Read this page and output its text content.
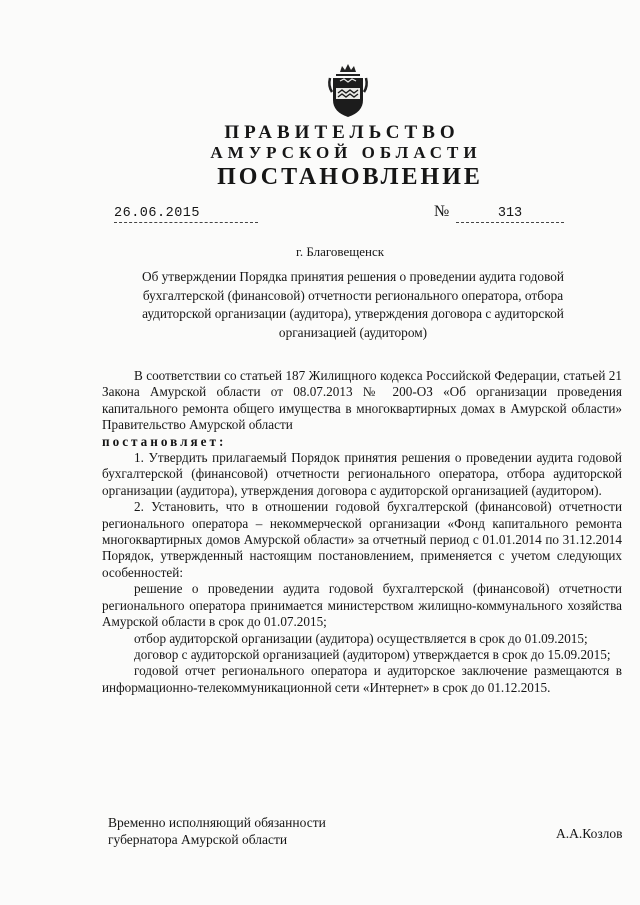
ПРАВИТЕЛЬСТВО
АМУРСКОЙ ОБЛАСТИ
ПОСТАНОВЛЕНИЕ
26.06.2015	№	313
г. Благовещенск
Об утверждении Порядка принятия решения о проведении аудита годовой бухгалтерской (финансовой) отчетности регионального оператора, отбора аудиторской организации (аудитора), утверждения договора с аудиторской организацией (аудитором)

В соответствии со статьей 187 Жилищного кодекса Российской Федерации, статьей 21 Закона Амурской области от 08.07.2013 № 200-ОЗ «Об организации проведения капитального ремонта общего имущества в многоквартирных домах в Амурской области» Правительство Амурской области

постановляет:

1. Утвердить прилагаемый Порядок принятия решения о проведении аудита годовой бухгалтерской (финансовой) отчетности регионального оператора, отбора аудиторской организации (аудитора), утверждения договора с аудиторской организацией (аудитором).

2. Установить, что в отношении годовой бухгалтерской (финансовой) отчетности регионального оператора – некоммерческой организации «Фонд капитального ремонта многоквартирных домов Амурской области» за отчетный период с 01.01.2014 по 31.12.2014 Порядок, утвержденный настоящим постановлением, применяется с учетом следующих особенностей:

решение о проведении аудита годовой бухгалтерской (финансовой) отчетности регионального оператора принимается министерством жилищно-коммунального хозяйства Амурской области в срок до 01.07.2015;

отбор аудиторской организации (аудитора) осуществляется в срок до 01.09.2015;

договор с аудиторской организацией (аудитором) утверждается в срок до 15.09.2015;

годовой отчет регионального оператора и аудиторское заключение размещаются в информационно-телекоммуникационной сети «Интернет» в срок до 01.12.2015.

Временно исполняющий обязанности
губернатора Амурской области	А.А.Козлов
